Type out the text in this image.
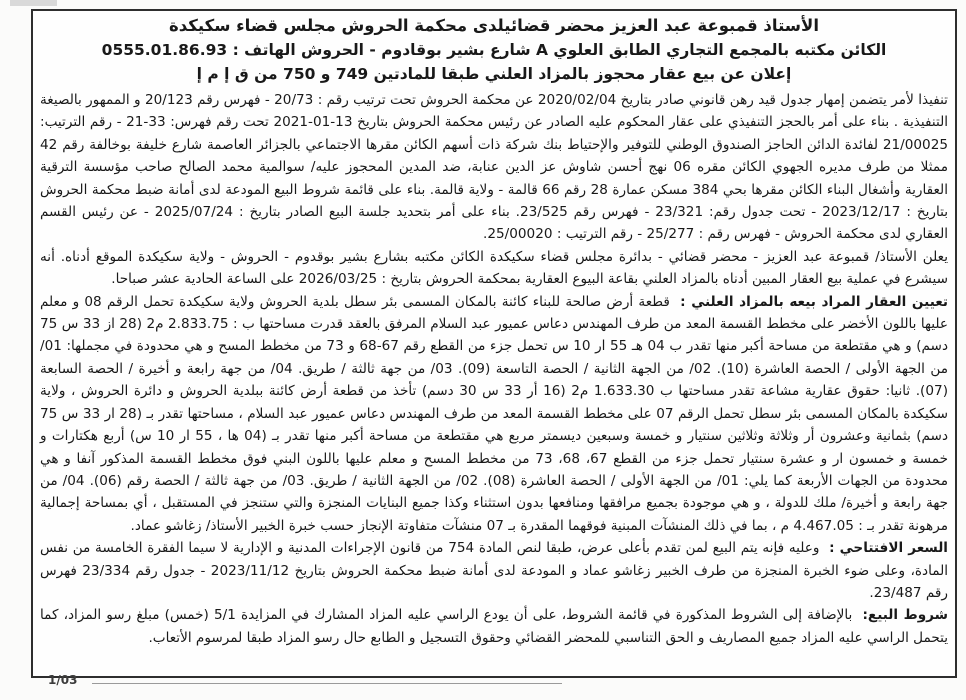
الأستاذ قمبوعة عبد العزيز محضر قضائيلدى محكمة الحروش مجلس قضاء سكيكدة
الكائن مكتبه بالمجمع التجاري الطابق العلوي A شارع بشير بوقادوم - الحروش الهاتف : 0555.01.86.93
إعلان عن بيع عقار محجوز بالمزاد العلني طبقا للمادتين 749 و 750 من ق إ م إ

تنفيذا لأمر يتضمن إمهار جدول قيد رهن قانوني صادر بتاريخ 2020/02/04 عن محكمة الحروش تحت ترتيب رقم : 20/73 - فهرس رقم 20/123 و الممهور بالصيغة التنفيذية . بناء على أمر بالحجز التنفيذي على عقار المحكوم عليه الصادر عن رئيس محكمة الحروش بتاريخ 13-01-2021 تحت رقم فهرس: 33-21 - رقم الترتيب: 21/00025 لفائدة الدائن الحاجز الصندوق الوطني للتوفير والإحتياط بنك شركة ذات أسهم الكائن مقرها الاجتماعي بالجزائر العاصمة شارع خليفة بوخالفة رقم 42 ممثلا من طرف مديره الجهوي الكائن مقره 06 نهج أحسن شاوش عز الدين عنابة، ضد المدين المحجوز عليه/ سوالمية محمد الصالح صاحب مؤسسة الترقية العقارية وأشغال البناء الكائن مقرها بحي 384 مسكن عمارة 28 رقم 66 قالمة - ولاية قالمة. بناء على قائمة شروط البيع المودعة لدى أمانة ضبط محكمة الحروش بتاريخ : 2023/12/17 - تحت جدول رقم: 23/321 - فهرس رقم 23/525. بناء على أمر بتحديد جلسة البيع الصادر بتاريخ : 2025/07/24 - عن رئيس القسم العقاري لدى محكمة الحروش - فهرس رقم : 25/277 - رقم الترتيب : 25/00020.

يعلن الأستاذ/ قمبوعة عبد العزيز - محضر قضائي - بدائرة مجلس قضاء سكيكدة الكائن مكتبه بشارع بشير بوقدوم - الحروش - ولاية سكيكدة الموقع أدناه. أنه سيشرع في عملية بيع العقار المبين أدناه بالمزاد العلني بقاعة البيوع العقارية بمحكمة الحروش بتاريخ : 2026/03/25 على الساعة الحادية عشر صباحا.

تعيين العقار المراد بيعه بالمزاد العلني : قطعة أرض صالحة للبناء كائنة بالمكان المسمى بئر سطل بلدية الحروش ولاية سكيكدة تحمل الرقم 08 و معلم عليها باللون الأخضر على مخطط القسمة المعد من طرف المهندس دعاس عميور عبد السلام المرفق بالعقد قدرت مساحتها ب : 2.833.75 م2 (28 از 33 س 75 دسم) و هي مقتطعة من مساحة أكبر منها تقدر ب 04 هـ 55 ار 10 س تحمل جزء من القطع رقم 67-68 و 73 من مخطط المسح و هي محدودة في مجملها: 01/ من الجهة الأولى / الحصة العاشرة (10). 02/ من الجهة الثانية / الحصة التاسعة (09). 03/ من جهة ثالثة / طريق. 04/ من جهة رابعة و أخيرة / الحصة السابعة (07). ثانيا: حقوق عقارية مشاعة تقدر مساحتها ب 1.633.30 م2 (16 أر 33 س 30 دسم) تأخذ من قطعة أرض كائنة ببلدية الحروش و دائرة الحروش ، ولاية سكيكدة بالمكان المسمى بئر سطل تحمل الرقم 07 على مخطط القسمة المعد من طرف المهندس دعاس عميور عبد السلام ، مساحتها تقدر بـ (28 ار 33 س 75 دسم) بثمانية وعشرون أر وثلاثة وثلاثين سنتيار و خمسة وسبعين ديسمتر مربع هي مقتطعة من مساحة أكبر منها تقدر بـ (04 ها ، 55 ار 10 س) أربع هكتارات و خمسة و خمسون ار و عشرة سنتيار تحمل جزء من القطع 67، 68، 73 من مخطط المسح و معلم عليها باللون البني فوق مخطط القسمة المذكور آنفا و هي محدودة من الجهات الأربعة كما يلي: 01/ من الجهة الأولى / الحصة العاشرة (08). 02/ من الجهة الثانية / طريق. 03/ من جهة ثالثة / الحصة رقم (06). 04/ من جهة رابعة و أخيرة/ ملك للدولة ، و هي موجودة بجميع مرافقها ومنافعها بدون استثناء وكذا جميع البنايات المنجزة والتي ستنجز في المستقبل ، أي بمساحة إجمالية مرهونة تقدر بـ : 4.467.05 م ، بما في ذلك المنشآت المبنية فوقهما المقدرة بـ 07 منشآت متفاوتة الإنجاز حسب خبرة الخبير الأستاذ/ زغاشو عماد.

السعر الافتتاحي : وعليه فإنه يتم البيع لمن تقدم بأعلى عرض، طبقا لنص المادة 754 من قانون الإجراءات المدنية و الإدارية لا سيما الفقرة الخامسة من نفس المادة، وعلى ضوء الخبرة المنجزة من طرف الخبير زغاشو عماد و المودعة لدى أمانة ضبط محكمة الحروش بتاريخ 2023/11/12 - جدول رقم 23/334 فهرس رقم 23/487.

شروط البيع: بالإضافة إلى الشروط المذكورة في قائمة الشروط، على أن يودع الراسي عليه المزاد المشارك في المزايدة 5/1 (خمس) مبلغ رسو المزاد، كما يتحمل الراسي عليه المزاد جميع المصاريف و الحق التناسبي للمحضر القضائي وحقوق التسجيل و الطابع حال رسو المزاد طبقا لمرسوم الأتعاب.

1/03
